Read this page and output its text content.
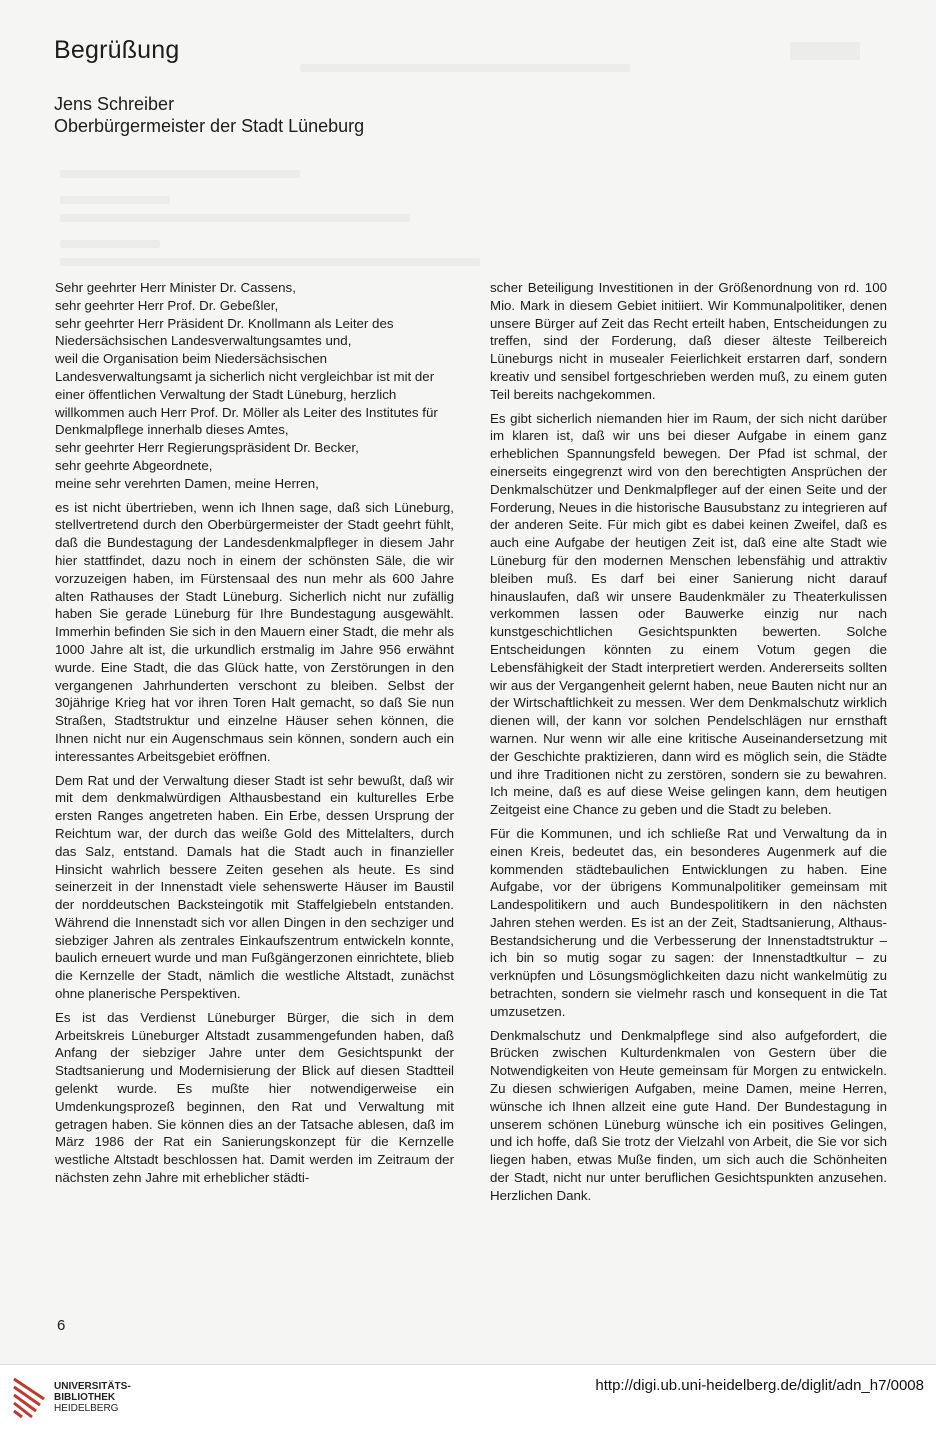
Begrüßung
Jens Schreiber
Oberbürgermeister der Stadt Lüneburg

Sehr geehrter Herr Minister Dr. Cassens,
sehr geehrter Herr Prof. Dr. Gebeßler,
sehr geehrter Herr Präsident Dr. Knollmann als Leiter des Niedersächsischen Landesverwaltungsamtes und,
weil die Organisation beim Niedersächsischen Landesverwaltungsamt ja sicherlich nicht vergleichbar ist mit der einer öffentlichen Verwaltung der Stadt Lüneburg, herzlich willkommen auch Herr Prof. Dr. Möller als Leiter des Institutes für Denkmalpflege innerhalb dieses Amtes,
sehr geehrter Herr Regierungspräsident Dr. Becker,
sehr geehrte Abgeordnete,
meine sehr verehrten Damen, meine Herren,

es ist nicht übertrieben, wenn ich Ihnen sage, daß sich Lüneburg, stellvertretend durch den Oberbürgermeister der Stadt geehrt fühlt, daß die Bundestagung der Landesdenkmalpfleger in diesem Jahr hier stattfindet, dazu noch in einem der schönsten Säle, die wir vorzuzeigen haben, im Fürstensaal des nun mehr als 600 Jahre alten Rathauses der Stadt Lüneburg. Sicherlich nicht nur zufällig haben Sie gerade Lüneburg für Ihre Bundestagung ausgewählt. Immerhin befinden Sie sich in den Mauern einer Stadt, die mehr als 1000 Jahre alt ist, die urkundlich erstmalig im Jahre 956 erwähnt wurde. Eine Stadt, die das Glück hatte, von Zerstörungen in den vergangenen Jahrhunderten verschont zu bleiben. Selbst der 30jährige Krieg hat vor ihren Toren Halt gemacht, so daß Sie nun Straßen, Stadtstruktur und einzelne Häuser sehen können, die Ihnen nicht nur ein Augenschmaus sein können, sondern auch ein interessantes Arbeitsgebiet eröffnen.

Dem Rat und der Verwaltung dieser Stadt ist sehr bewußt, daß wir mit dem denkmalwürdigen Althausbestand ein kulturelles Erbe ersten Ranges angetreten haben. Ein Erbe, dessen Ursprung der Reichtum war, der durch das weiße Gold des Mittelalters, durch das Salz, entstand. Damals hat die Stadt auch in finanzieller Hinsicht wahrlich bessere Zeiten gesehen als heute. Es sind seinerzeit in der Innenstadt viele sehenswerte Häuser im Baustil der norddeutschen Backsteingotik mit Staffelgiebeln entstanden. Während die Innenstadt sich vor allen Dingen in den sechziger und siebziger Jahren als zentrales Einkaufszentrum entwickeln konnte, baulich erneuert wurde und man Fußgängerzonen einrichtete, blieb die Kernzelle der Stadt, nämlich die westliche Altstadt, zunächst ohne planerische Perspektiven.

Es ist das Verdienst Lüneburger Bürger, die sich in dem Arbeitskreis Lüneburger Altstadt zusammengefunden haben, daß Anfang der siebziger Jahre unter dem Gesichtspunkt der Stadtsanierung und Modernisierung der Blick auf diesen Stadtteil gelenkt wurde. Es mußte hier notwendigerweise ein Umdenkungsprozeß beginnen, den Rat und Verwaltung mit getragen haben. Sie können dies an der Tatsache ablesen, daß im März 1986 der Rat ein Sanierungskonzept für die Kernzelle westliche Altstadt beschlossen hat. Damit werden im Zeitraum der nächsten zehn Jahre mit erheblicher städti-

scher Beteiligung Investitionen in der Größenordnung von rd. 100 Mio. Mark in diesem Gebiet initiiert. Wir Kommunalpolitiker, denen unsere Bürger auf Zeit das Recht erteilt haben, Entscheidungen zu treffen, sind der Forderung, daß dieser älteste Teilbereich Lüneburgs nicht in musealer Feierlichkeit erstarren darf, sondern kreativ und sensibel fortgeschrieben werden muß, zu einem guten Teil bereits nachgekommen.

Es gibt sicherlich niemanden hier im Raum, der sich nicht darüber im klaren ist, daß wir uns bei dieser Aufgabe in einem ganz erheblichen Spannungsfeld bewegen. Der Pfad ist schmal, der einerseits eingegrenzt wird von den berechtigten Ansprüchen der Denkmalschützer und Denkmalpfleger auf der einen Seite und der Forderung, Neues in die historische Bausubstanz zu integrieren auf der anderen Seite. Für mich gibt es dabei keinen Zweifel, daß es auch eine Aufgabe der heutigen Zeit ist, daß eine alte Stadt wie Lüneburg für den modernen Menschen lebensfähig und attraktiv bleiben muß. Es darf bei einer Sanierung nicht darauf hinauslaufen, daß wir unsere Baudenkmäler zu Theaterkulissen verkommen lassen oder Bauwerke einzig nur nach kunstgeschichtlichen Gesichtspunkten bewerten. Solche Entscheidungen könnten zu einem Votum gegen die Lebensfähigkeit der Stadt interpretiert werden. Andererseits sollten wir aus der Vergangenheit gelernt haben, neue Bauten nicht nur an der Wirtschaftlichkeit zu messen. Wer dem Denkmalschutz wirklich dienen will, der kann vor solchen Pendelschlägen nur ernsthaft warnen. Nur wenn wir alle eine kritische Auseinandersetzung mit der Geschichte praktizieren, dann wird es möglich sein, die Städte und ihre Traditionen nicht zu zerstören, sondern sie zu bewahren. Ich meine, daß es auf diese Weise gelingen kann, dem heutigen Zeitgeist eine Chance zu geben und die Stadt zu beleben.

Für die Kommunen, und ich schließe Rat und Verwaltung da in einen Kreis, bedeutet das, ein besonderes Augenmerk auf die kommenden städtebaulichen Entwicklungen zu haben. Eine Aufgabe, vor der übrigens Kommunalpolitiker gemeinsam mit Landespolitikern und auch Bundespolitikern in den nächsten Jahren stehen werden. Es ist an der Zeit, Stadtsanierung, Althaus-Bestandsicherung und die Verbesserung der Innenstadtstruktur – ich bin so mutig sogar zu sagen: der Innenstadtkultur – zu verknüpfen und Lösungsmöglichkeiten dazu nicht wankelmütig zu betrachten, sondern sie vielmehr rasch und konsequent in die Tat umzusetzen.

Denkmalschutz und Denkmalpflege sind also aufgefordert, die Brücken zwischen Kulturdenkmalen von Gestern über die Notwendigkeiten von Heute gemeinsam für Morgen zu entwickeln. Zu diesen schwierigen Aufgaben, meine Damen, meine Herren, wünsche ich Ihnen allzeit eine gute Hand. Der Bundestagung in unserem schönen Lüneburg wünsche ich ein positives Gelingen, und ich hoffe, daß Sie trotz der Vielzahl von Arbeit, die Sie vor sich liegen haben, etwas Muße finden, um sich auch die Schönheiten der Stadt, nicht nur unter beruflichen Gesichtspunkten anzusehen. Herzlichen Dank.

6
UNIVERSITÄTS-
BIBLIOTHEK
HEIDELBERG
http://digi.ub.uni-heidelberg.de/diglit/adn_h7/0008
